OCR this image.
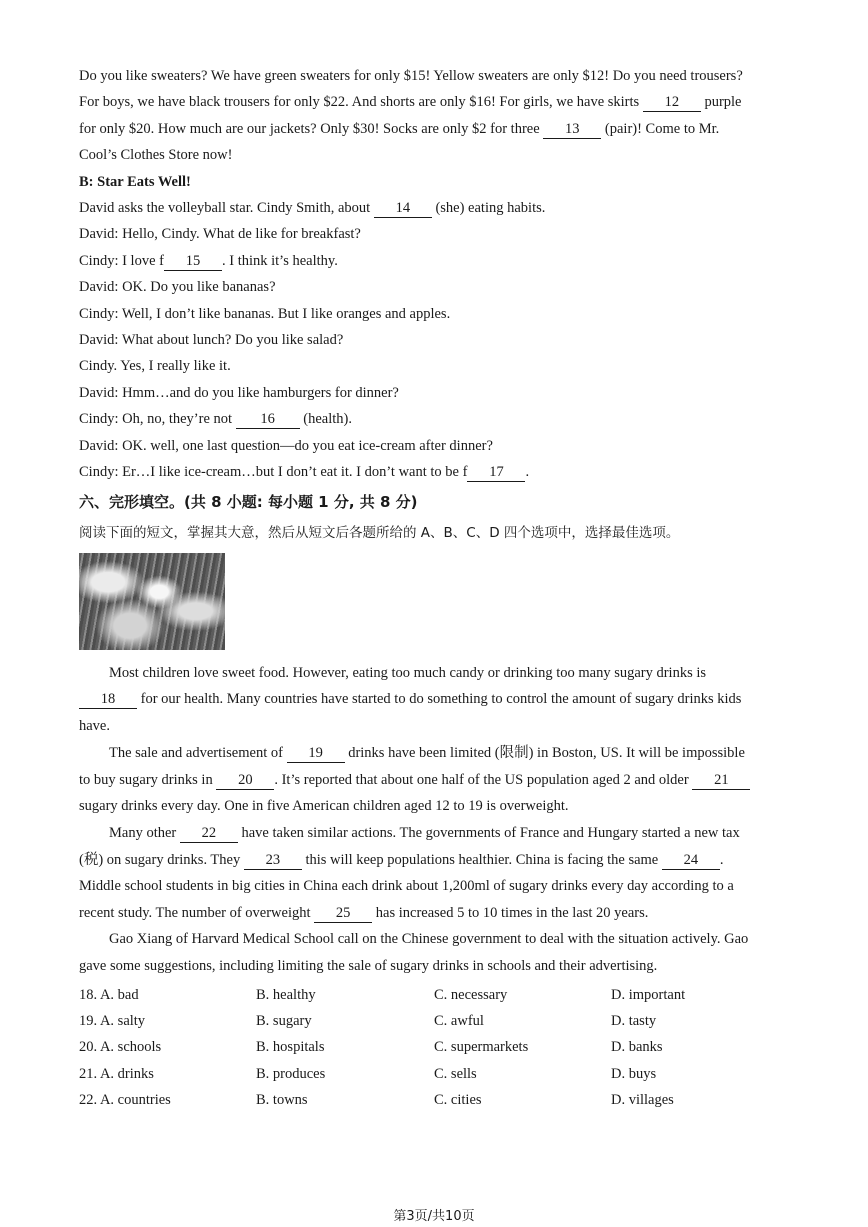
Do you like sweaters? We have green sweaters for only $15! Yellow sweaters are only $12! Do you need trousers?
For boys, we have black trousers for only $22. And shorts are only $16! For girls, we have skirts 12 purple
for only $20. How much are our jackets? Only $30! Socks are only $2 for three 13 (pair)! Come to Mr.
Cool’s Clothes Store now!
B: Star Eats Well!
David asks the volleyball star. Cindy Smith, about 14 (she) eating habits.
David: Hello, Cindy. What de like for breakfast?
Cindy: I love f 15 . I think it’s healthy.
David: OK. Do you like bananas?
Cindy: Well, I don’t like bananas. But I like oranges and apples.
David: What about lunch? Do you like salad?
Cindy. Yes, I really like it.
David: Hmm…and do you like hamburgers for dinner?
Cindy: Oh, no, they’re not 16 (health).
David: OK. well, one last question—do you eat ice-cream after dinner?
Cindy: Er…I like ice-cream…but I don’t eat it. I don’t want to be f 17 .
六、完形填空。(共 8 小题: 每小题 1 分, 共 8 分)
阅读下面的短文，掌握其大意，然后从短文后各题所给的 A、B、C、D 四个选项中，选择最佳选项。
Most children love sweet food. However, eating too much candy or drinking too many sugary drinks is
18 for our health. Many countries have started to do something to control the amount of sugary drinks kids
have.
The sale and advertisement of 19 drinks have been limited (限制) in Boston, US. It will be impossible
to buy sugary drinks in 20 . It’s reported that about one half of the US population aged 2 and older 21
sugary drinks every day. One in five American children aged 12 to 19 is overweight.
Many other 22 have taken similar actions. The governments of France and Hungary started a new tax
(税) on sugary drinks. They 23 this will keep populations healthier. China is facing the same 24 .
Middle school students in big cities in China each drink about 1,200ml of sugary drinks every day according to a
recent study. The number of overweight 25 has increased 5 to 10 times in the last 20 years.
Gao Xiang of Harvard Medical School call on the Chinese government to deal with the situation actively. Gao
gave some suggestions, including limiting the sale of sugary drinks in schools and their advertising.
18. A. bad	B. healthy	C. necessary	D. important
19. A. salty	B. sugary	C. awful	D. tasty
20. A. schools	B. hospitals	C. supermarkets	D. banks
21. A. drinks	B. produces	C. sells	D. buys
22. A. countries	B. towns	C. cities	D. villages
第3页/共10页
